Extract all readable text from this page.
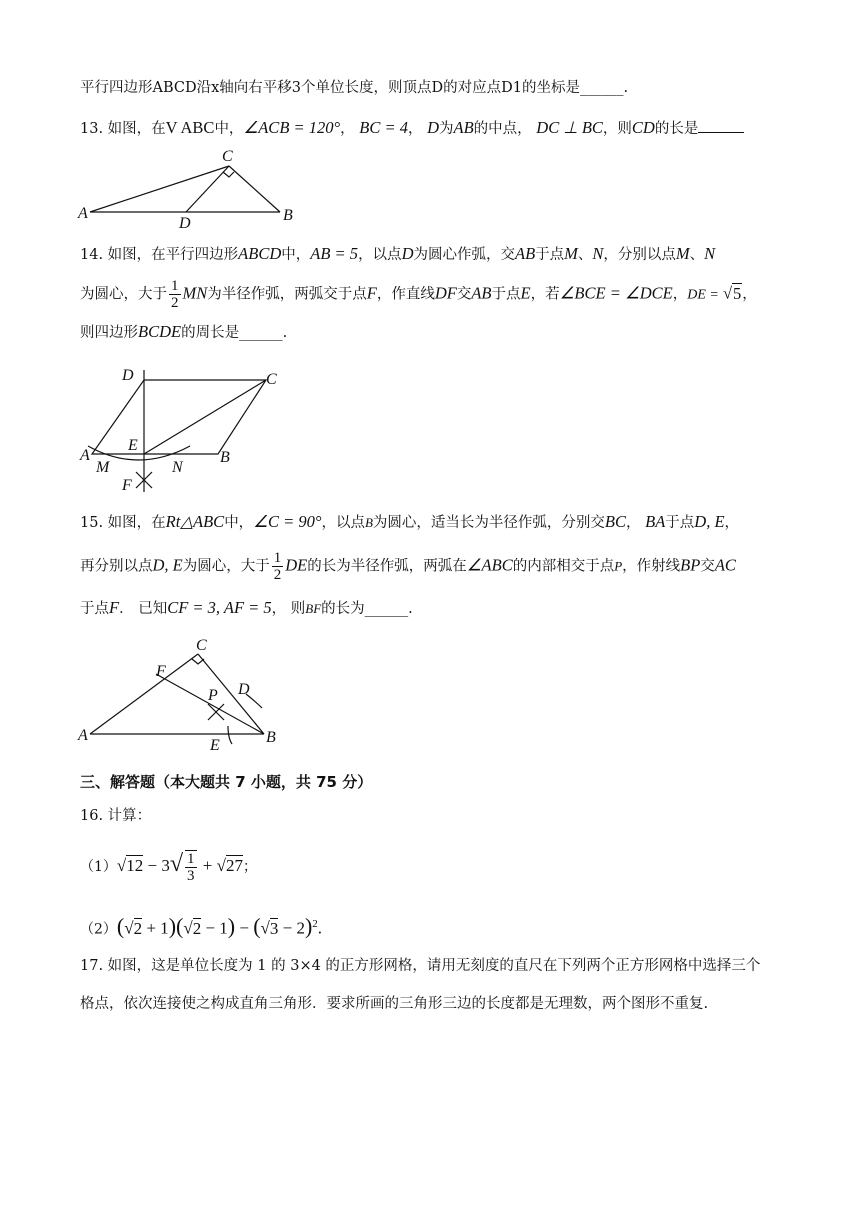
平行四边形ABCD沿x轴向右平移3个单位长度，则顶点D的对应点D1的坐标是______.
13. 如图，在V ABC中，∠ACB = 120°， BC = 4， D为AB的中点， DC ⊥ BC，则CD的长是
A	B
C
D
14. 如图，在平行四边形ABCD中，AB = 5，以点D为圆心作弧，交AB于点M、N，分别以点M、N
为圆心，大于 $\frac{1}{2}$ MN为半径作弧，两弧交于点F，作直线DF交AB于点E，若∠BCE = ∠DCE，DE = √5，
则四边形BCDE的周长是______.
D	C
A	B
E
M	N
F
15. 如图，在Rt△ABC中，∠C = 90°，以点B为圆心，适当长为半径作弧，分别交BC， BA于点D, E，
再分别以点D, E为圆心，大于 $\frac{1}{2}$ DE的长为半径作弧，两弧在∠ABC的内部相交于点P，作射线BP交AC
于点F． 已知CF = 3, AF = 5， 则BF的长为______.
A	B
C
D
E
F
P
三、解答题（本大题共 7 小题，共 75 分）
16. 计算：
$(1)√12 - 3√ \frac{1}{3} + √27$；
$(2)(√2 + 1)(√2 - 1) - (√3 - 2)^2$.
17. 如图，这是单位长度为 1 的 3×4 的正方形网格，请用无刻度的直尺在下列两个正方形网格中选择三个
格点，依次连接使之构成直角三角形．要求所画的三角形三边的长度都是无理数，两个图形不重复.
